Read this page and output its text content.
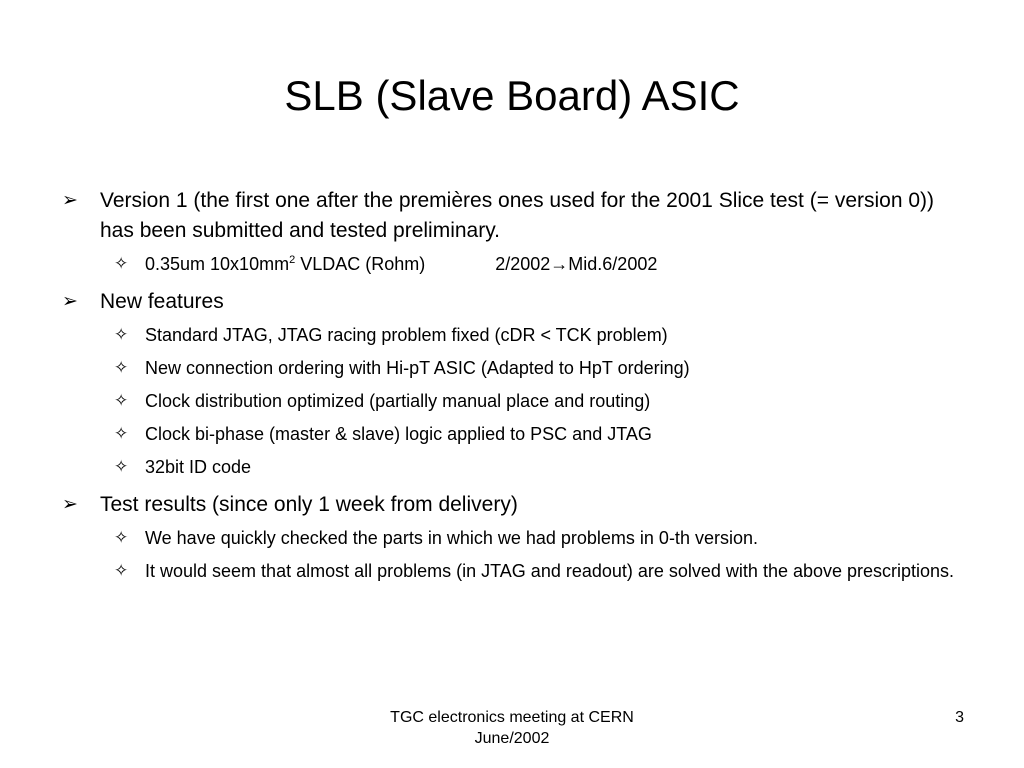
SLB (Slave Board) ASIC
➢ Version 1 (the first one after the premières ones used for the 2001 Slice test (= version 0)) has been submitted and tested preliminary.
✧ 0.35um $10x10mm^2$ VLDAC (Rohm)	2/2002→Mid.6/2002
➢ New features
✧ Standard JTAG, JTAG racing problem fixed (cDR < TCK problem)
✧ New connection ordering with Hi-pT ASIC (Adapted to HpT ordering)
✧ Clock distribution optimized (partially manual place and routing)
✧ Clock bi-phase (master & slave) logic applied to PSC and JTAG
✧ 32bit ID code
➢ Test results (since only 1 week from delivery)
✧ We have quickly checked the parts in which we had problems in 0-th version.
✧ It would seem that almost all problems (in JTAG and readout) are solved with the above prescriptions.
TGC electronics meeting at CERN
June/2002
3
